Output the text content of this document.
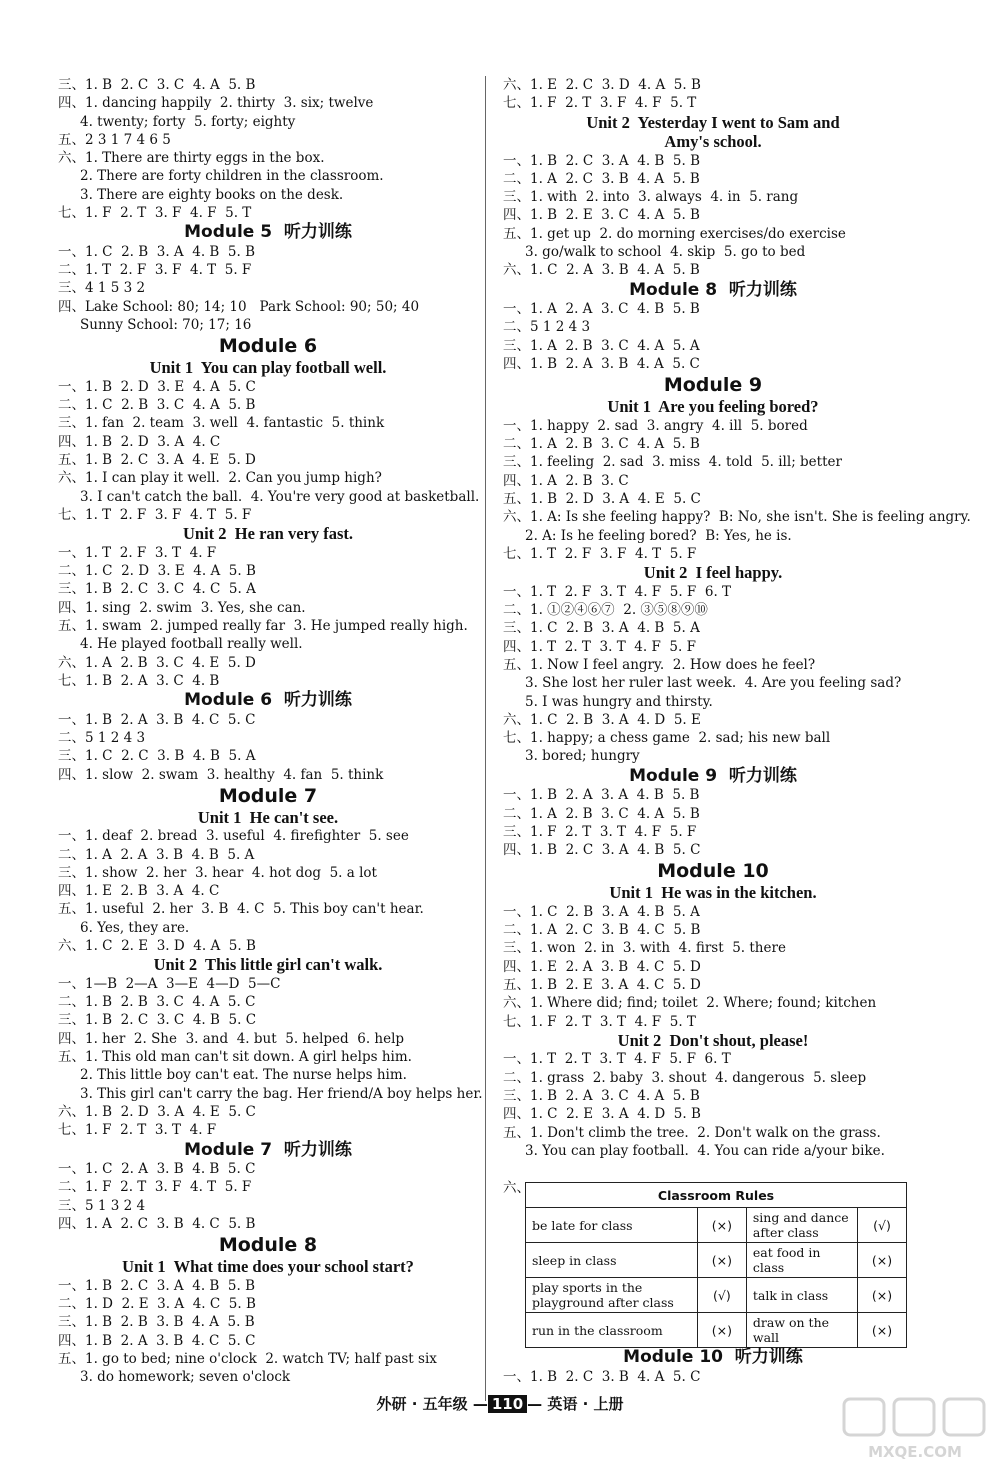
三、1. B  2. C  3. C  4. A  5. B
四、1. dancing happily  2. thirty  3. six; twelve
4. twenty; forty  5. forty; eighty
五、2 3 1 7 4 6 5
六、1. There are thirty eggs in the box.
2. There are forty children in the classroom.
3. There are eighty books on the desk.
七、1. F  2. T  3. F  4. F  5. T
Module 5  听力训练
一、1. C  2. B  3. A  4. B  5. B
二、1. T  2. F  3. F  4. T  5. F
三、4 1 5 3 2
四、Lake School: 80; 14; 10   Park School: 90; 50; 40
Sunny School: 70; 17; 16
Module 6
Unit 1  You can play football well.
一、1. B  2. D  3. E  4. A  5. C
二、1. C  2. B  3. C  4. A  5. B
三、1. fan  2. team  3. well  4. fantastic  5. think
四、1. B  2. D  3. A  4. C
五、1. B  2. C  3. A  4. E  5. D
六、1. I can play it well.  2. Can you jump high?
3. I can't catch the ball.  4. You're very good at basketball.
七、1. T  2. F  3. F  4. T  5. F
Unit 2  He ran very fast.
一、1. T  2. F  3. T  4. F
二、1. C  2. D  3. E  4. A  5. B
三、1. B  2. C  3. C  4. C  5. A
四、1. sing  2. swim  3. Yes, she can.
五、1. swam  2. jumped really far  3. He jumped really high.
4. He played football really well.
六、1. A  2. B  3. C  4. E  5. D
七、1. B  2. A  3. C  4. B
Module 6  听力训练
一、1. B  2. A  3. B  4. C  5. C
二、5 1 2 4 3
三、1. C  2. C  3. B  4. B  5. A
四、1. slow  2. swam  3. healthy  4. fan  5. think
Module 7
Unit 1  He can't see.
一、1. deaf  2. bread  3. useful  4. firefighter  5. see
二、1. A  2. A  3. B  4. B  5. A
三、1. show  2. her  3. hear  4. hot dog  5. a lot
四、1. E  2. B  3. A  4. C
五、1. useful  2. her  3. B  4. C  5. This boy can't hear.
6. Yes, they are.
六、1. C  2. E  3. D  4. A  5. B
Unit 2  This little girl can't walk.
一、1—B  2—A  3—E  4—D  5—C
二、1. B  2. B  3. C  4. A  5. C
三、1. B  2. C  3. C  4. B  5. C
四、1. her  2. She  3. and  4. but  5. helped  6. help
五、1. This old man can't sit down. A girl helps him.
2. This little boy can't eat. The nurse helps him.
3. This girl can't carry the bag. Her friend/A boy helps her.
六、1. B  2. D  3. A  4. E  5. C
七、1. F  2. T  3. T  4. F
Module 7  听力训练
一、1. C  2. A  3. B  4. B  5. C
二、1. F  2. T  3. F  4. T  5. F
三、5 1 3 2 4
四、1. A  2. C  3. B  4. C  5. B
Module 8
Unit 1  What time does your school start?
一、1. B  2. C  3. A  4. B  5. B
二、1. D  2. E  3. A  4. C  5. B
三、1. B  2. B  3. B  4. A  5. B
四、1. B  2. A  3. B  4. C  5. C
五、1. go to bed; nine o'clock  2. watch TV; half past six
3. do homework; seven o'clock
六、1. E  2. C  3. D  4. A  5. B
七、1. F  2. T  3. F  4. F  5. T
Unit 2  Yesterday I went to Sam and
Amy's school.
一、1. B  2. C  3. A  4. B  5. B
二、1. A  2. C  3. B  4. A  5. B
三、1. with  2. into  3. always  4. in  5. rang
四、1. B  2. E  3. C  4. A  5. B
五、1. get up  2. do morning exercises/do exercise
3. go/walk to school  4. skip  5. go to bed
六、1. C  2. A  3. B  4. A  5. B
Module 8  听力训练
一、1. A  2. A  3. C  4. B  5. B
二、5 1 2 4 3
三、1. A  2. B  3. C  4. A  5. A
四、1. B  2. A  3. B  4. A  5. C
Module 9
Unit 1  Are you feeling bored?
一、1. happy  2. sad  3. angry  4. ill  5. bored
二、1. A  2. B  3. C  4. A  5. B
三、1. feeling  2. sad  3. miss  4. told  5. ill; better
四、1. A  2. B  3. C
五、1. B  2. D  3. A  4. E  5. C
六、1. A: Is she feeling happy?  B: No, she isn't. She is feeling angry.
2. A: Is he feeling bored?  B: Yes, he is.
七、1. T  2. F  3. F  4. T  5. F
Unit 2  I feel happy.
一、1. T  2. F  3. T  4. F  5. F  6. T
二、1. ①②④⑥⑦  2. ③⑤⑧⑨⑩
三、1. C  2. B  3. A  4. B  5. A
四、1. T  2. T  3. T  4. F  5. F
五、1. Now I feel angry.  2. How does he feel?
3. She lost her ruler last week.  4. Are you feeling sad?
5. I was hungry and thirsty.
六、1. C  2. B  3. A  4. D  5. E
七、1. happy; a chess game  2. sad; his new ball
3. bored; hungry
Module 9  听力训练
一、1. B  2. A  3. A  4. B  5. B
二、1. A  2. B  3. C  4. A  5. B
三、1. F  2. T  3. T  4. F  5. F
四、1. B  2. C  3. A  4. B  5. C
Module 10
Unit 1  He was in the kitchen.
一、1. C  2. B  3. A  4. B  5. A
二、1. A  2. C  3. B  4. C  5. B
三、1. won  2. in  3. with  4. first  5. there
四、1. E  2. A  3. B  4. C  5. D
五、1. B  2. E  3. A  4. C  5. D
六、1. Where did; find; toilet  2. Where; found; kitchen
七、1. F  2. T  3. T  4. F  5. T
Unit 2  Don't shout, please!
一、1. T  2. T  3. T  4. F  5. F  6. T
二、1. grass  2. baby  3. shout  4. dangerous  5. sleep
三、1. B  2. A  3. C  4. A  5. B
四、1. C  2. E  3. A  4. D  5. B
五、1. Don't climb the tree.  2. Don't walk on the grass.
3. You can play football.  4. You can ride a/your bike.
六、	Classroom Rules			
be late for class	(×)	sing and dance after class	(√)
sleep in class	(×)	eat food in class	(×)
play sports in the playground after class	(√)	talk in class	(×)
run in the classroom	(×)	draw on the wall	(×)
Module 10  听力训练
一、1. B  2. C  3. B  4. A  5. C
外研 · 五年级 — 110 — 英语 · 上册
MXQE.COM
